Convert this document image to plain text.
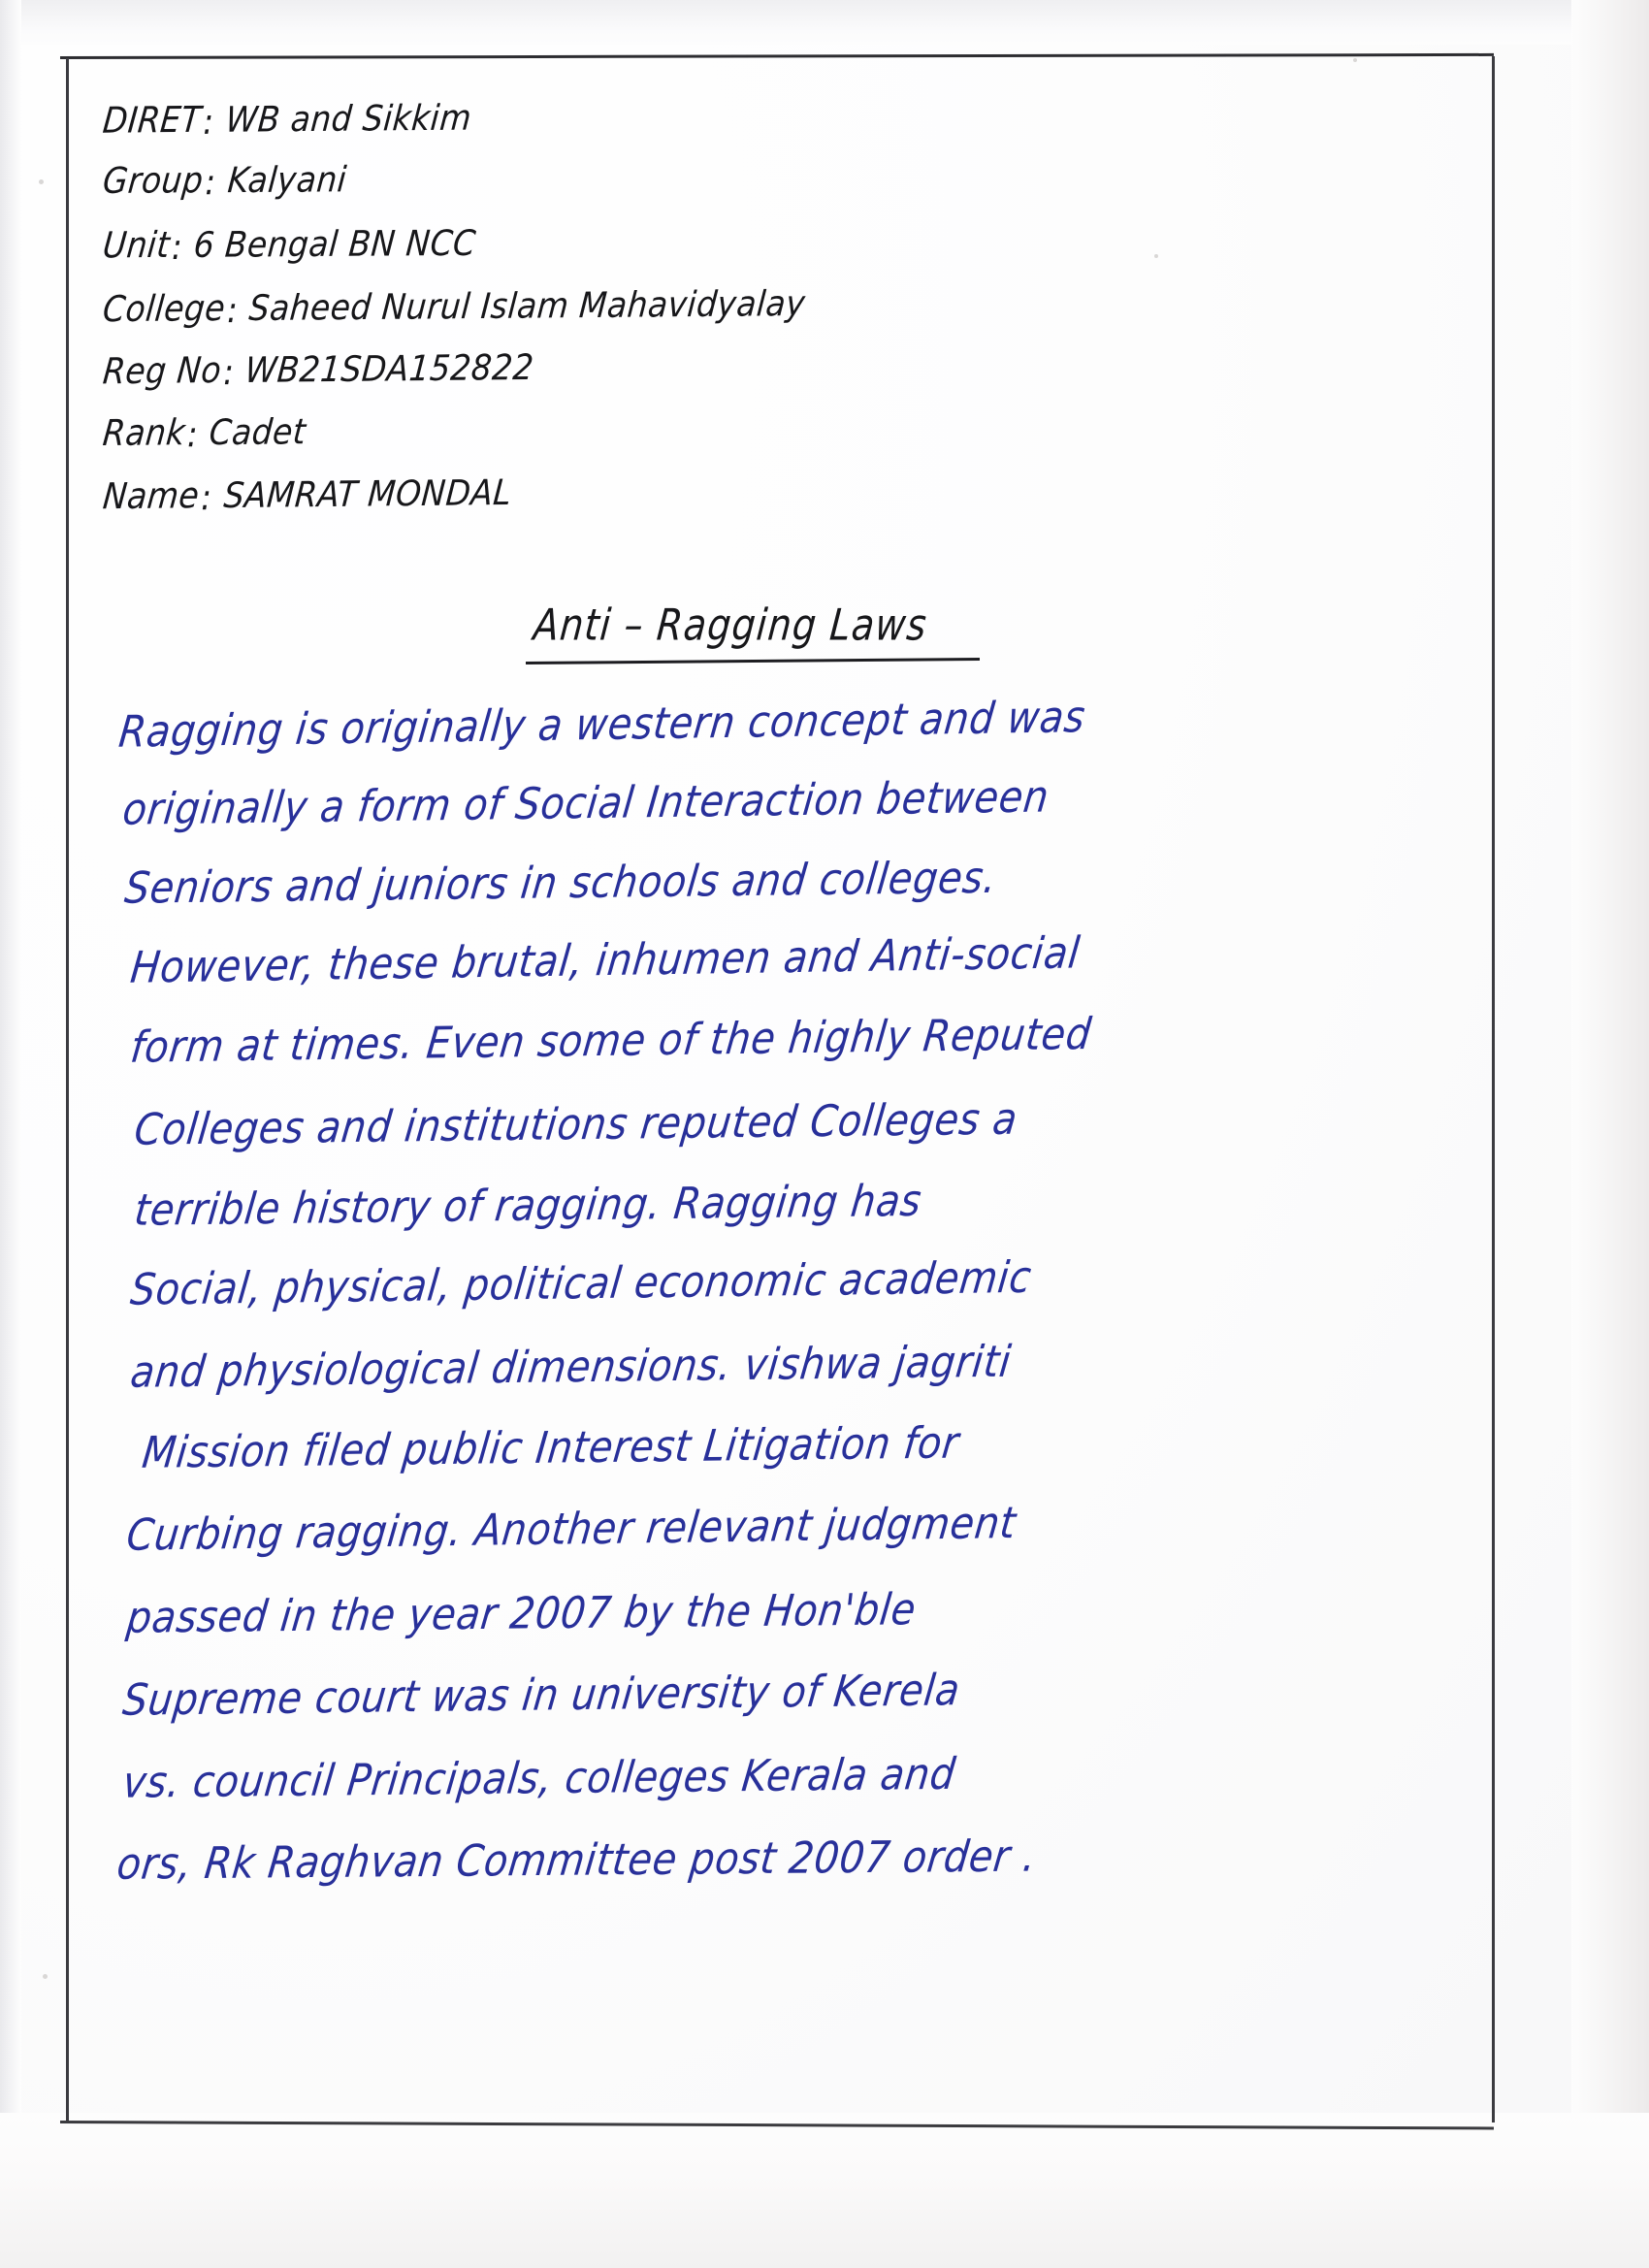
DIRET : WB and Sikkim
Group : Kalyani
Unit : 6 Bengal BN NCC
College : Saheed Nurul Islam Mahavidyalay
Reg No : WB21SDA152822
Rank : Cadet
Name : SAMRAT MONDAL
Anti – Ragging Laws
Ragging is originally a western concept and was
originally a form of Social Interaction between
Seniors and juniors in schools and colleges.
However, these brutal, inhumen and Anti-social
form at times. Even some of the highly Reputed
Colleges and institutions reputed Colleges a
terrible history of ragging. Ragging has
Social, physical, political economic academic
and physiological dimensions. vishwa jagriti
Mission filed public Interest Litigation for
Curbing ragging. Another relevant judgment
passed in the year 2007 by the Hon'ble
Supreme court was in university of Kerela
vs. council Principals, colleges Kerala and
ors, Rk Raghvan Committee post 2007 order .
